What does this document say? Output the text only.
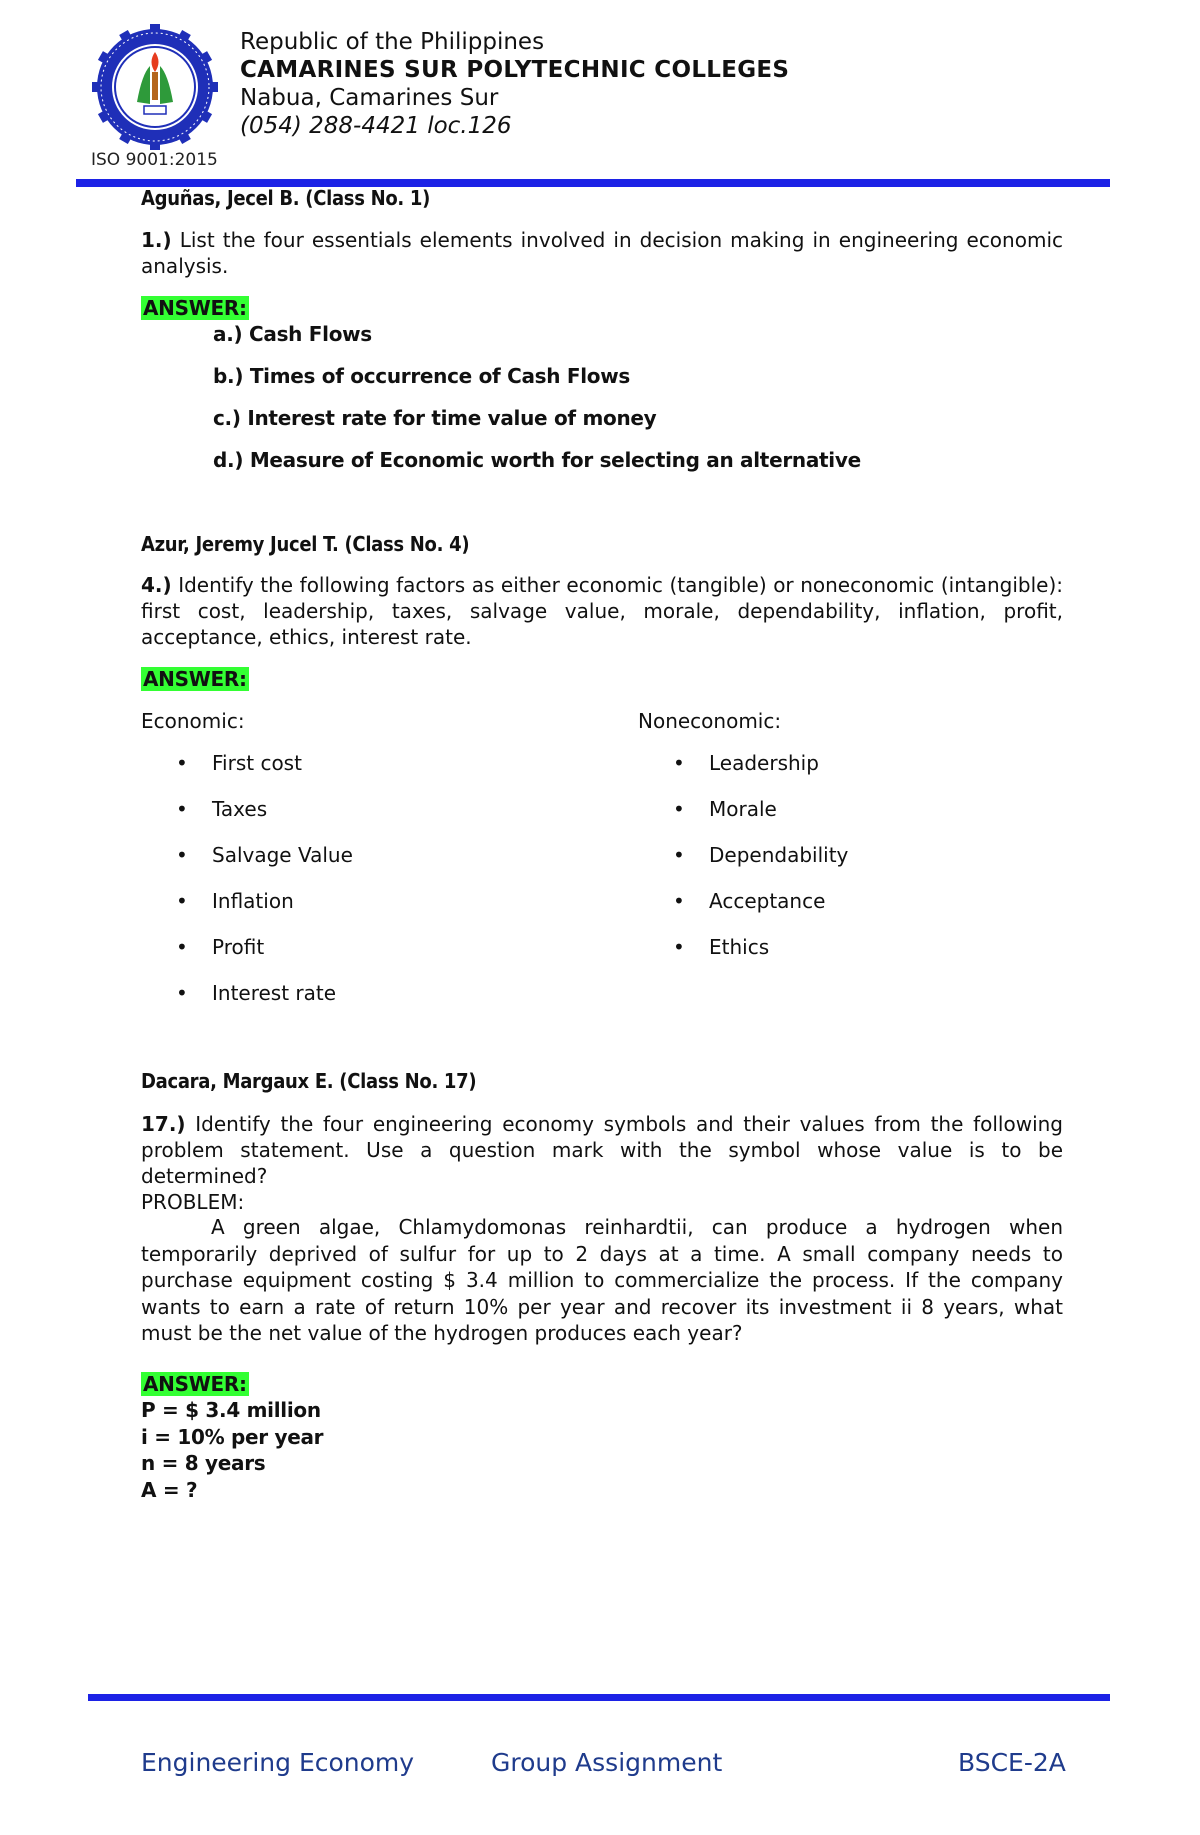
ISO 9001:2015
Republic of the Philippines
CAMARINES SUR POLYTECHNIC COLLEGES
Nabua, Camarines Sur
(054) 288-4421 loc.126
Aguñas, Jecel B. (Class No. 1)
1.) List the four essentials elements involved in decision making in engineering economic analysis.
ANSWER:
a.) Cash Flows
b.) Times of occurrence of Cash Flows
c.) Interest rate for time value of money
d.) Measure of Economic worth for selecting an alternative
Azur, Jeremy Jucel T. (Class No. 4)
4.) Identify the following factors as either economic (tangible) or noneconomic (intangible): first cost, leadership, taxes, salvage value, morale, dependability, inflation, profit, acceptance, ethics, interest rate.
ANSWER:
Economic:	Noneconomic:
• First cost
• Taxes
• Salvage Value
• Inflation
• Profit
• Interest rate
• Leadership
• Morale
• Dependability
• Acceptance
• Ethics
Dacara, Margaux E. (Class No. 17)
17.) Identify the four engineering economy symbols and their values from the following problem statement. Use a question mark with the symbol whose value is to be determined?
PROBLEM:
A green algae, Chlamydomonas reinhardtii, can produce a hydrogen when temporarily deprived of sulfur for up to 2 days at a time. A small company needs to purchase equipment costing $ 3.4 million to commercialize the process. If the company wants to earn a rate of return 10% per year and recover its investment ii 8 years, what must be the net value of the hydrogen produces each year?
ANSWER:
P = $ 3.4 million
i = 10% per year
n = 8 years
A = ?
Engineering Economy	Group Assignment	BSCE-2A
